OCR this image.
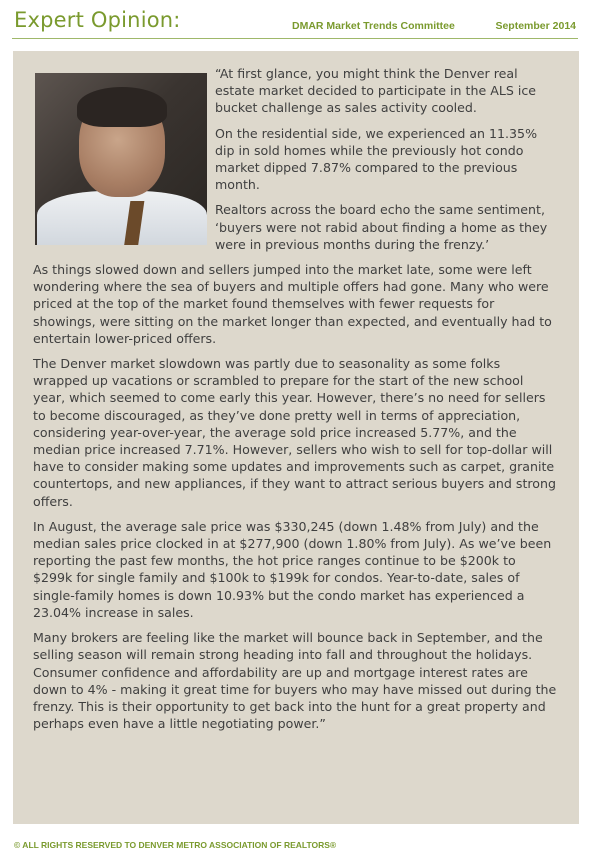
Expert Opinion:	DMAR Market Trends Committee	September 2014

“At first glance, you might think the Denver real estate market decided to participate in the ALS ice bucket challenge as sales activity cooled.

On the residential side, we experienced an 11.35% dip in sold homes while the previously hot condo market dipped 7.87% compared to the previous month.

Realtors across the board echo the same sentiment, ‘buyers were not rabid about finding a home as they were in previous months during the frenzy.’

As things slowed down and sellers jumped into the market late, some were left wondering where the sea of buyers and multiple offers had gone. Many who were priced at the top of the market found themselves with fewer requests for showings, were sitting on the market longer than expected, and eventually had to entertain lower-priced offers.

The Denver market slowdown was partly due to seasonality as some folks wrapped up vacations or scrambled to prepare for the start of the new school year, which seemed to come early this year. However, there’s no need for sellers to become discouraged, as they’ve done pretty well in terms of appreciation, considering year-over-year, the average sold price increased 5.77%, and the median price increased 7.71%. However, sellers who wish to sell for top-dollar will have to consider making some updates and improvements such as carpet, granite countertops, and new appliances, if they want to attract serious buyers and strong offers.

In August, the average sale price was $330,245 (down 1.48% from July) and the median sales price clocked in at $277,900 (down 1.80% from July). As we’ve been reporting the past few months, the hot price ranges continue to be $200k to $299k for single family and $100k to $199k for condos. Year-to-date, sales of single-family homes is down 10.93% but the condo market has experienced a 23.04% increase in sales.

Many brokers are feeling like the market will bounce back in September, and the selling season will remain strong heading into fall and throughout the holidays. Consumer confidence and affordability are up and mortgage interest rates are down to 4% - making it great time for buyers who may have missed out during the frenzy. This is their opportunity to get back into the hunt for a great property and perhaps even have a little negotiating power.”

© ALL RIGHTS RESERVED TO DENVER METRO ASSOCIATION OF REALTORS®
